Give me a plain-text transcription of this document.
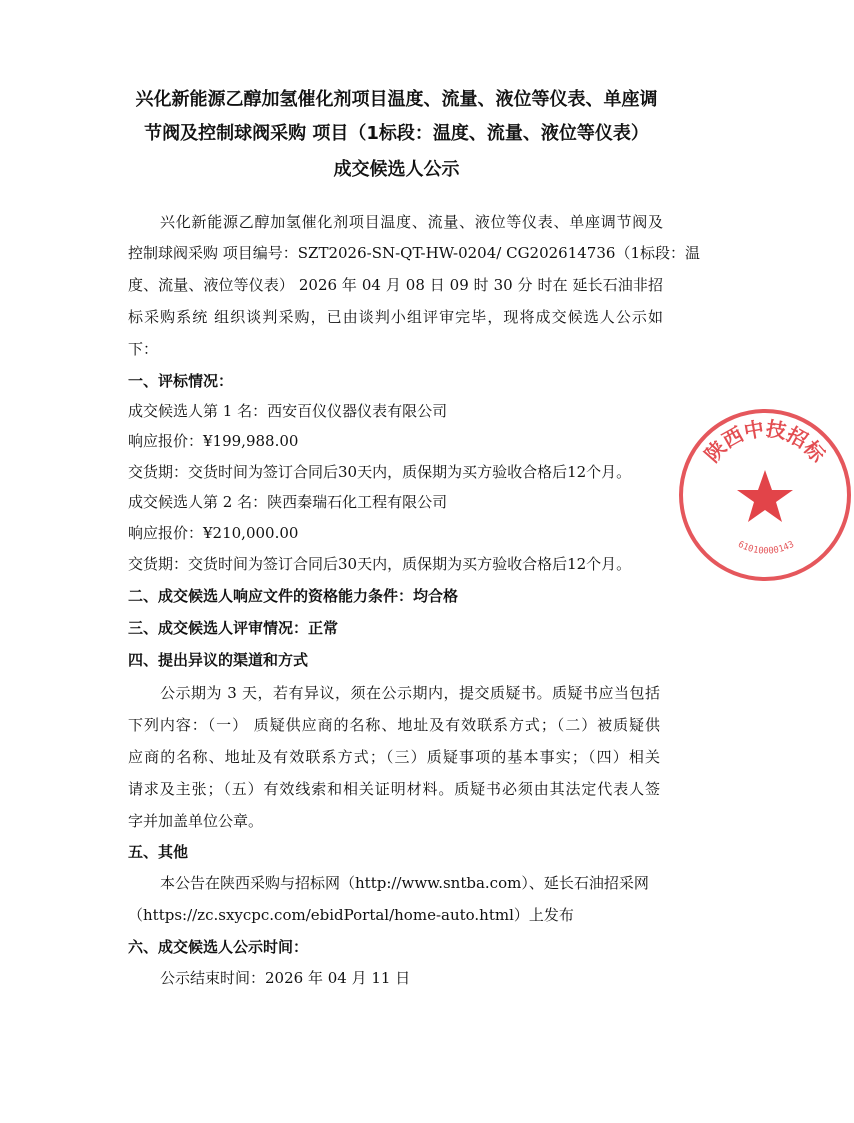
兴化新能源乙醇加氢催化剂项目温度、流量、液位等仪表、单座调
节阀及控制球阀采购 项目（1标段：温度、流量、液位等仪表）
成交候选人公示
兴化新能源乙醇加氢催化剂项目温度、流量、液位等仪表、单座调节阀及
控制球阀采购 项目编号：SZT2026-SN-QT-HW-0204/ CG202614736（1标段：温
度、流量、液位等仪表） 2026 年 04 月 08 日 09 时 30 分 时在 延长石油非招
标采购系统 组织谈判采购，已由谈判小组评审完毕，现将成交候选人公示如
下：
一、评标情况：
成交候选人第 1 名：西安百仪仪器仪表有限公司
响应报价：¥199,988.00
交货期：交货时间为签订合同后30天内，质保期为买方验收合格后12个月。
成交候选人第 2 名：陕西秦瑞石化工程有限公司
响应报价：¥210,000.00
交货期：交货时间为签订合同后30天内，质保期为买方验收合格后12个月。
二、成交候选人响应文件的资格能力条件：均合格
三、成交候选人评审情况：正常
四、提出异议的渠道和方式
公示期为 3 天，若有异议，须在公示期内，提交质疑书。质疑书应当包括
下列内容：（一） 质疑供应商的名称、地址及有效联系方式；（二）被质疑供
应商的名称、地址及有效联系方式；（三）质疑事项的基本事实；（四）相关
请求及主张；（五）有效线索和相关证明材料。质疑书必须由其法定代表人签
字并加盖单位公章。
五、其他
本公告在陕西采购与招标网（http://www.sntba.com）、延长石油招采网
（https://zc.sxycpc.com/ebidPortal/home-auto.html）上发布
六、成交候选人公示时间：
公示结束时间：2026 年 04 月 11 日
陕西中技招标
61010000143
